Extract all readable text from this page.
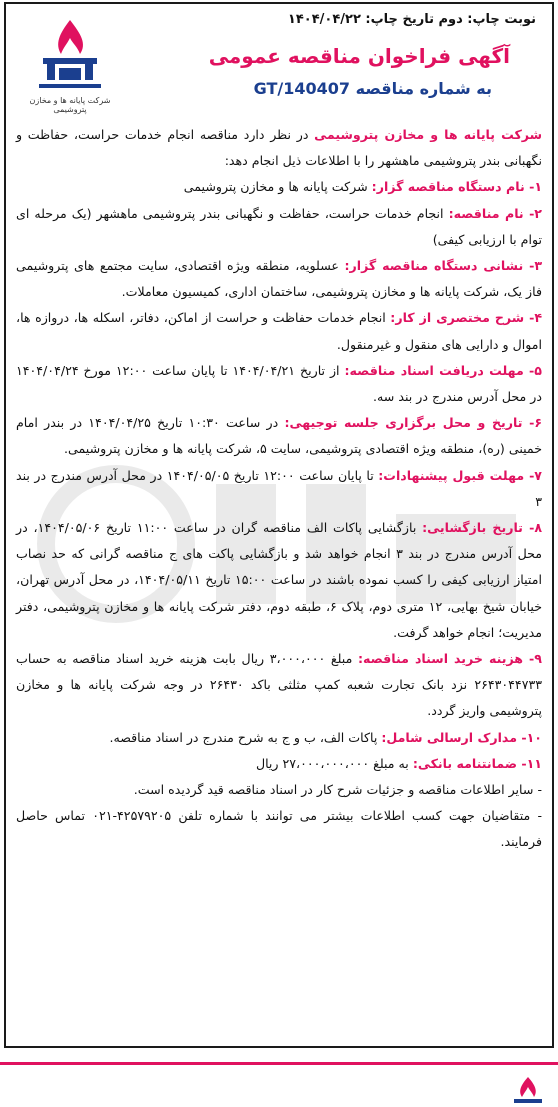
شرکت پایانه ها و مخازن پتروشیمی
نوبت چاپ: دوم تاریخ چاپ: ۱۴۰۴/۰۴/۲۲
آگهی فراخوان مناقصه عمومی
به شماره مناقصه GT/140407

شرکت پایانه ها و مخازن پتروشیمی در نظر دارد مناقصه انجام خدمات حراست، حفاظت و نگهبانی بندر پتروشیمی ماهشهر را با اطلاعات ذیل انجام دهد:

۱- نام دستگاه مناقصه گزار: شرکت پایانه ها و مخازن پتروشیمی

۲- نام مناقصه: انجام خدمات حراست، حفاظت و نگهبانی بندر پتروشیمی ماهشهر (یک مرحله ای توام با ارزیابی کیفی)

۳- نشانی دستگاه مناقصه گزار: عسلویه، منطقه ویژه اقتصادی، سایت مجتمع های پتروشیمی فاز یک، شرکت پایانه ها و مخازن پتروشیمی، ساختمان اداری، کمیسیون معاملات.

۴- شرح مختصری از کار: انجام خدمات حفاظت و حراست از اماکن، دفاتر، اسکله ها، دروازه ها، اموال و دارایی های منقول و غیرمنقول.

۵- مهلت دریافت اسناد مناقصه: از تاریخ ۱۴۰۴/۰۴/۲۱ تا پایان ساعت ۱۲:۰۰ مورخ ۱۴۰۴/۰۴/۲۴ در محل آدرس مندرج در بند سه.

۶- تاریخ و محل برگزاری جلسه توجیهی: در ساعت ۱۰:۳۰ تاریخ ۱۴۰۴/۰۴/۲۵ در بندر امام خمینی (ره)، منطقه ویژه اقتصادی پتروشیمی، سایت ۵، شرکت پایانه ها و مخازن پتروشیمی.

۷- مهلت قبول پیشنهادات: تا پایان ساعت ۱۲:۰۰ تاریخ ۱۴۰۴/۰۵/۰۵ در محل آدرس مندرج در بند ۳

۸- تاریخ بازگشایی: بازگشایی پاکات الف مناقصه گران در ساعت ۱۱:۰۰ تاریخ ۱۴۰۴/۰۵/۰۶، در محل آدرس مندرج در بند ۳ انجام خواهد شد و بازگشایی پاکت های ج مناقصه گرانی که حد نصاب امتیاز ارزیابی کیفی را کسب نموده باشند در ساعت ۱۵:۰۰ تاریخ ۱۴۰۴/۰۵/۱۱، در محل آدرس تهران، خیابان شیخ بهایی، ۱۲ متری دوم، پلاک ۶، طبقه دوم، دفتر شرکت پایانه ها و مخازن پتروشیمی، دفتر مدیریت؛ انجام خواهد گرفت.

۹- هزینه خرید اسناد مناقصه: مبلغ ۳،۰۰۰،۰۰۰ ریال بابت هزینه خرید اسناد مناقصه به حساب ۲۶۴۳۰۴۴۷۳۳ نزد بانک تجارت شعبه کمپ مثلثی باکد ۲۶۴۳۰ در وجه شرکت پایانه ها و مخازن پتروشیمی واریز گردد.

۱۰- مدارک ارسالی شامل: پاکات الف، ب و ج به شرح مندرج در اسناد مناقصه.

۱۱- ضمانتنامه بانکی: به مبلغ ۲۷،۰۰۰،۰۰۰،۰۰۰ ریال

- سایر اطلاعات مناقصه و جزئیات شرح کار در اسناد مناقصه قید گردیده است.

- متقاضیان جهت کسب اطلاعات بیشتر می توانند با شماره تلفن ۴۲۵۷۹۲۰۵-۰۲۱ تماس حاصل فرمایند.
